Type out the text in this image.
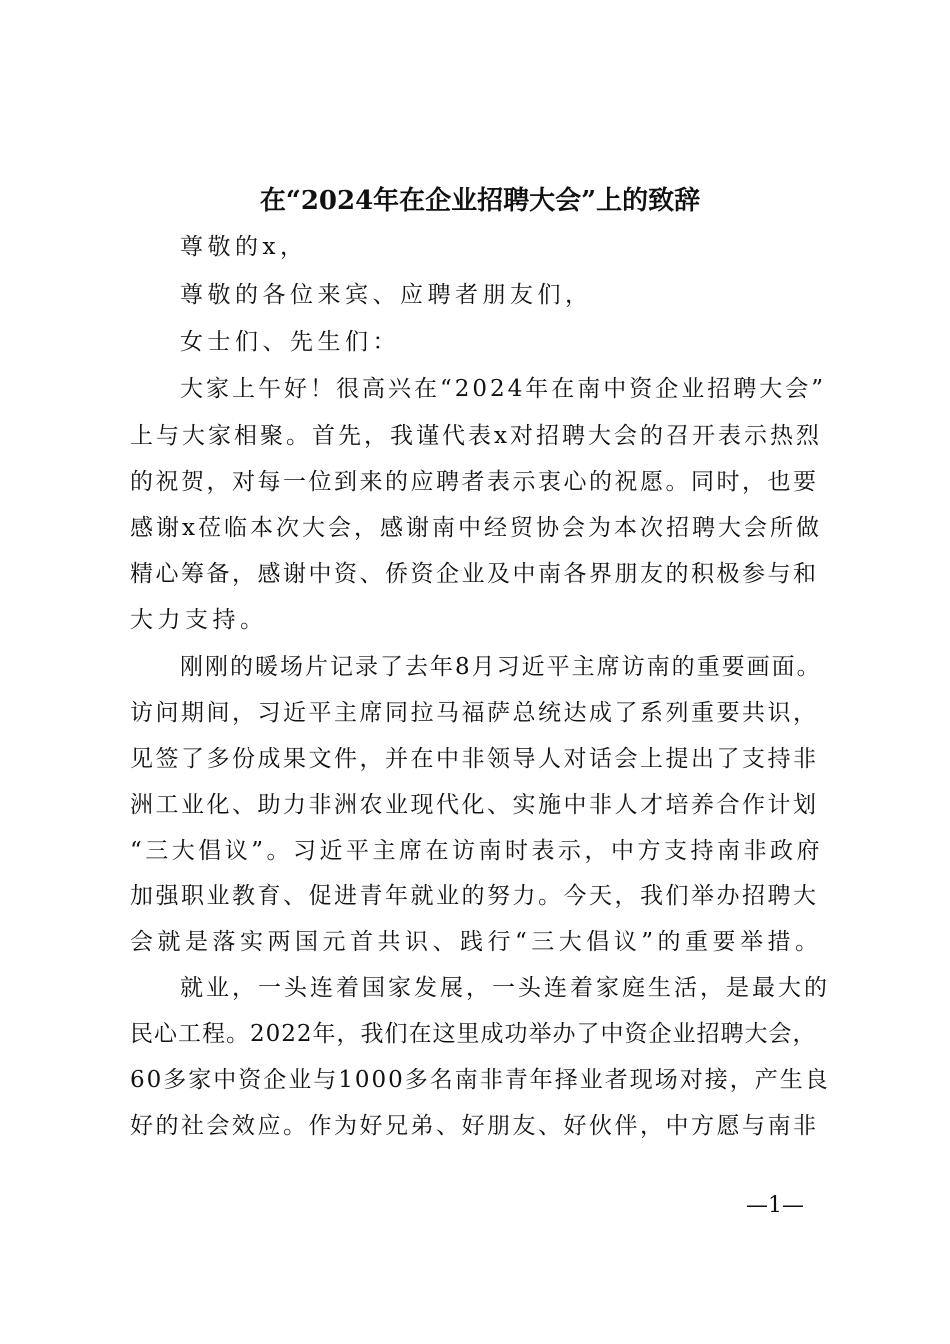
在“2024年在企业招聘大会”上的致辞
尊敬的x，
尊敬的各位来宾、应聘者朋友们，
女士们、先生们：
大家上午好！很高兴在“2024年在南中资企业招聘大会”
上与大家相聚。首先，我谨代表x对招聘大会的召开表示热烈
的祝贺，对每一位到来的应聘者表示衷心的祝愿。同时，也要
感谢x莅临本次大会，感谢南中经贸协会为本次招聘大会所做
精心筹备，感谢中资、侨资企业及中南各界朋友的积极参与和
大力支持。
刚刚的暖场片记录了去年8月习近平主席访南的重要画面。
访问期间，习近平主席同拉马福萨总统达成了系列重要共识，
见签了多份成果文件，并在中非领导人对话会上提出了支持非
洲工业化、助力非洲农业现代化、实施中非人才培养合作计划
“三大倡议”。习近平主席在访南时表示，中方支持南非政府
加强职业教育、促进青年就业的努力。今天，我们举办招聘大
会就是落实两国元首共识、践行“三大倡议”的重要举措。
就业，一头连着国家发展，一头连着家庭生活，是最大的
民心工程。2022年，我们在这里成功举办了中资企业招聘大会，
60多家中资企业与1000多名南非青年择业者现场对接，产生良
好的社会效应。作为好兄弟、好朋友、好伙伴，中方愿与南非
—1—
